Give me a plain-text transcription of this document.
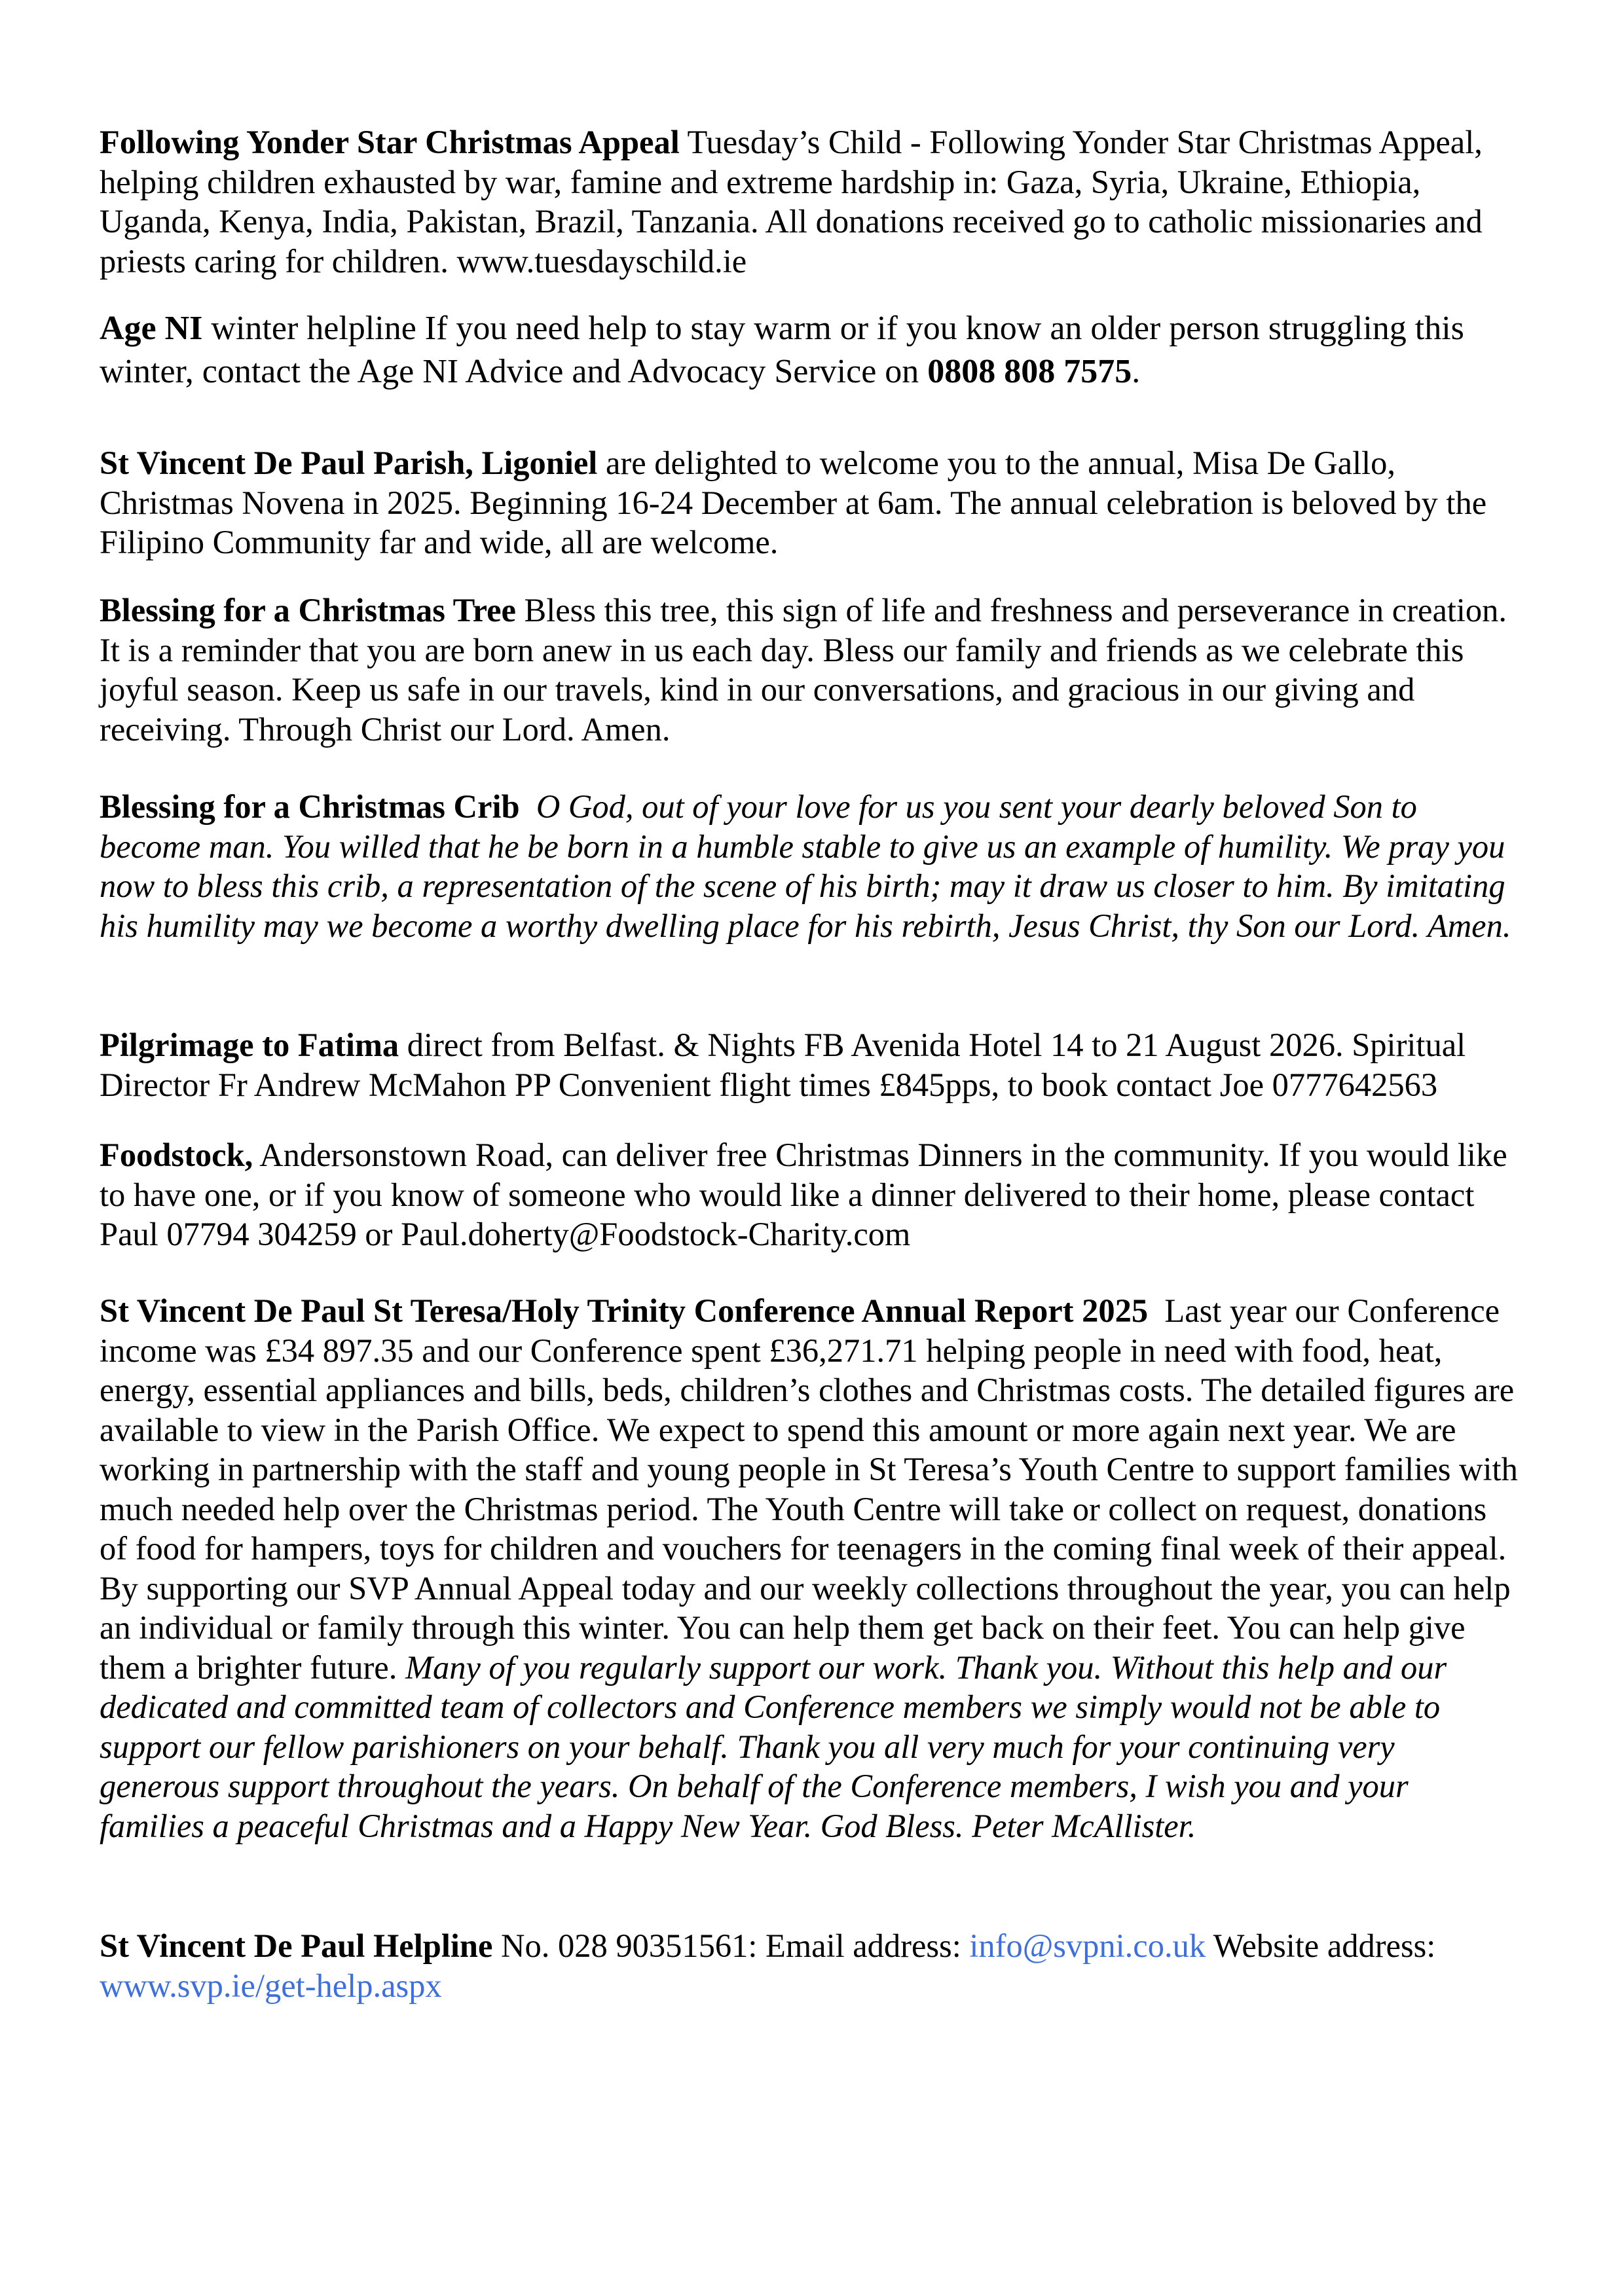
Following Yonder Star Christmas Appeal Tuesday’s Child - Following Yonder Star Christmas Appeal, helping children exhausted by war, famine and extreme hardship in: Gaza, Syria, Ukraine, Ethiopia, Uganda, Kenya, India, Pakistan, Brazil, Tanzania. All donations received go to catholic missionaries and priests caring for children. www.tuesdayschild.ie

Age NI winter helpline If you need help to stay warm or if you know an older person struggling this winter, contact the Age NI Advice and Advocacy Service on 0808 808 7575.

St Vincent De Paul Parish, Ligoniel are delighted to welcome you to the annual, Misa De Gallo, Christmas Novena in 2025. Beginning 16-24 December at 6am. The annual celebration is beloved by the Filipino Community far and wide, all are welcome.

Blessing for a Christmas Tree Bless this tree, this sign of life and freshness and perseverance in creation. It is a reminder that you are born anew in us each day. Bless our family and friends as we celebrate this joyful season. Keep us safe in our travels, kind in our conversations, and gracious in our giving and receiving. Through Christ our Lord. Amen.

Blessing for a Christmas Crib O God, out of your love for us you sent your dearly beloved Son to become man. You willed that he be born in a humble stable to give us an example of humility. We pray you now to bless this crib, a representation of the scene of his birth; may it draw us closer to him. By imitating his humility may we become a worthy dwelling place for his rebirth, Jesus Christ, thy Son our Lord. Amen.

Pilgrimage to Fatima direct from Belfast. & Nights FB Avenida Hotel 14 to 21 August 2026. Spiritual Director Fr Andrew McMahon PP Convenient flight times £845pps, to book contact Joe 0777642563

Foodstock, Andersonstown Road, can deliver free Christmas Dinners in the community. If you would like to have one, or if you know of someone who would like a dinner delivered to their home, please contact Paul 07794 304259 or Paul.doherty@Foodstock-Charity.com

St Vincent De Paul St Teresa/Holy Trinity Conference Annual Report 2025 Last year our Conference income was £34 897.35 and our Conference spent £36,271.71 helping people in need with food, heat, energy, essential appliances and bills, beds, children’s clothes and Christmas costs. The detailed figures are available to view in the Parish Office. We expect to spend this amount or more again next year. We are working in partnership with the staff and young people in St Teresa’s Youth Centre to support families with much needed help over the Christmas period. The Youth Centre will take or collect on request, donations of food for hampers, toys for children and vouchers for teenagers in the coming final week of their appeal. By supporting our SVP Annual Appeal today and our weekly collections throughout the year, you can help an individual or family through this winter. You can help them get back on their feet. You can help give them a brighter future. Many of you regularly support our work. Thank you. Without this help and our dedicated and committed team of collectors and Conference members we simply would not be able to support our fellow parishioners on your behalf. Thank you all very much for your continuing very generous support throughout the years. On behalf of the Conference members, I wish you and your families a peaceful Christmas and a Happy New Year. God Bless. Peter McAllister.

St Vincent De Paul Helpline No. 028 90351561: Email address: info@svpni.co.uk Website address: www.svp.ie/get-help.aspx
